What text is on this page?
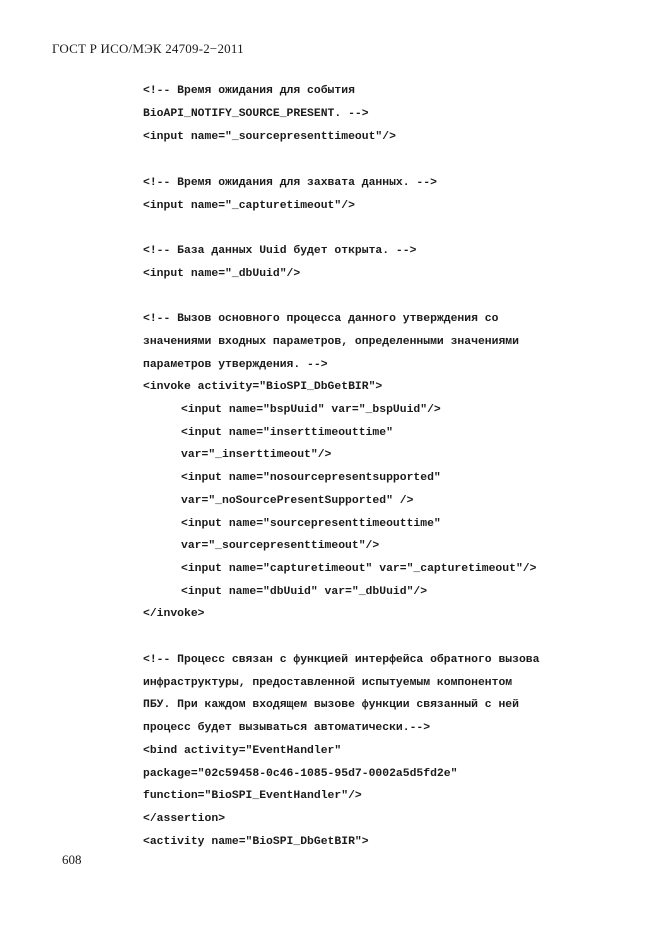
ГОСТ Р ИСО/МЭК 24709-2−2011
<!-- Время ожидания для события
BioAPI_NOTIFY_SOURCE_PRESENT. -->
<input name="_sourcepresenttimeout"/>
<!-- Время ожидания для захвата данных. -->
<input name="_capturetimeout"/>
<!-- База данных Uuid будет открыта. -->
<input name="_dbUuid"/>
<!-- Вызов основного процесса данного утверждения со
значениями входных параметров, определенными значениями
параметров утверждения. -->
<invoke activity="BioSPI_DbGetBIR">
<input name="bspUuid" var="_bspUuid"/>
<input name="inserttimeouttime"
var="_inserttimeout"/>
<input name="nosourcepresentsupported"
var="_noSourcePresentSupported" />
<input name="sourcepresenttimeouttime"
var="_sourcepresenttimeout"/>
<input name="capturetimeout" var="_capturetimeout"/>
<input name="dbUuid" var="_dbUuid"/>
</invoke>
<!-- Процесс связан с функцией интерфейса обратного вызова
инфраструктуры, предоставленной испытуемым компонентом
ПБУ. При каждом входящем вызове функции связанный с ней
процесс будет вызываться автоматически.-->
<bind activity="EventHandler"
package="02c59458-0c46-1085-95d7-0002a5d5fd2e"
function="BioSPI_EventHandler"/>
</assertion>
<activity name="BioSPI_DbGetBIR">
608
